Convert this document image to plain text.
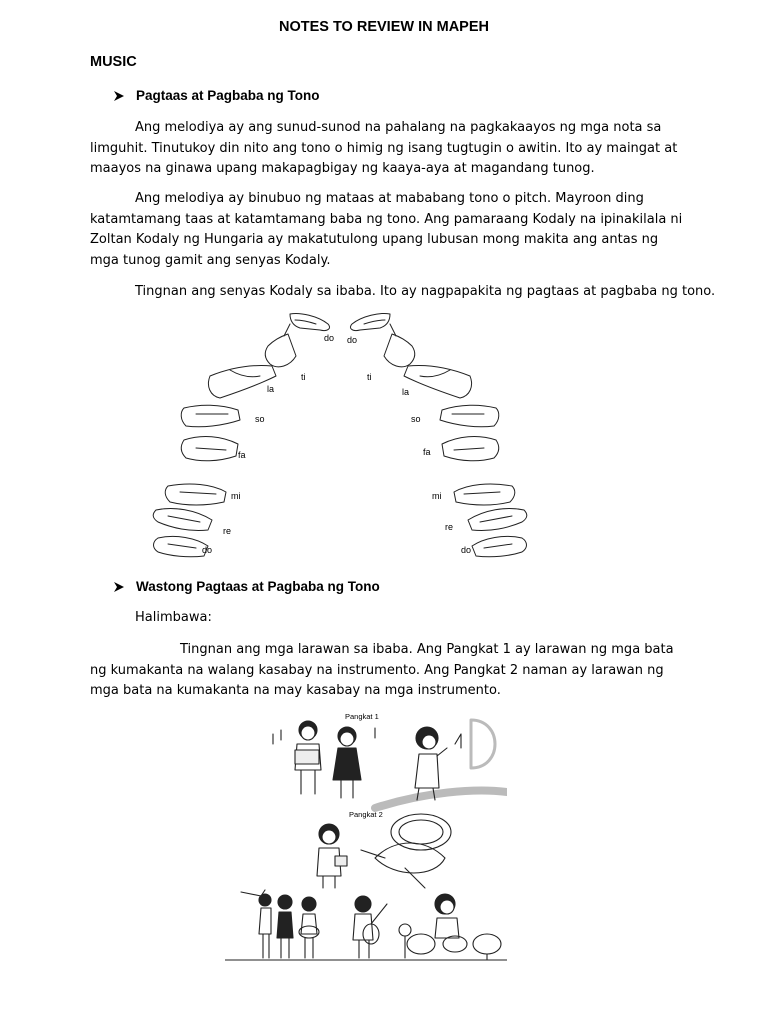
NOTES TO REVIEW IN MAPEH
MUSIC
Pagtaas at Pagbaba ng Tono

Ang melodiya ay ang sunud-sunod na pahalang na pagkakaayos ng mga nota sa limguhit. Tinutukoy din nito ang tono o himig ng isang tugtugin o awitin. Ito ay maingat at maayos na ginawa upang makapagbigay ng kaaya-aya at magandang tunog.

Ang melodiya ay binubuo ng mataas at mababang tono o pitch. Mayroon ding katamtamang taas at katamtamang baba ng tono. Ang pamaraang Kodaly na ipinakilala ni Zoltan Kodaly ng Hungaria ay makatutulong upang lubusan mong makita ang antas ng mga tunog gamit ang senyas Kodaly.

Tingnan ang senyas Kodaly sa ibaba. Ito ay nagpapakita ng pagtaas at pagbaba ng tono.
do
ti
la
so
fa
mi
re
do
do
ti
la
so
fa
mi
re
do
Wastong Pagtaas at Pagbaba ng Tono
Halimbawa:

Tingnan ang mga larawan sa ibaba. Ang Pangkat 1 ay larawan ng mga bata ng kumakanta na walang kasabay na instrumento. Ang Pangkat 2 naman ay larawan ng mga bata na kumakanta na may kasabay na mga instrumento.

Pangkat 1
Pangkat 2
